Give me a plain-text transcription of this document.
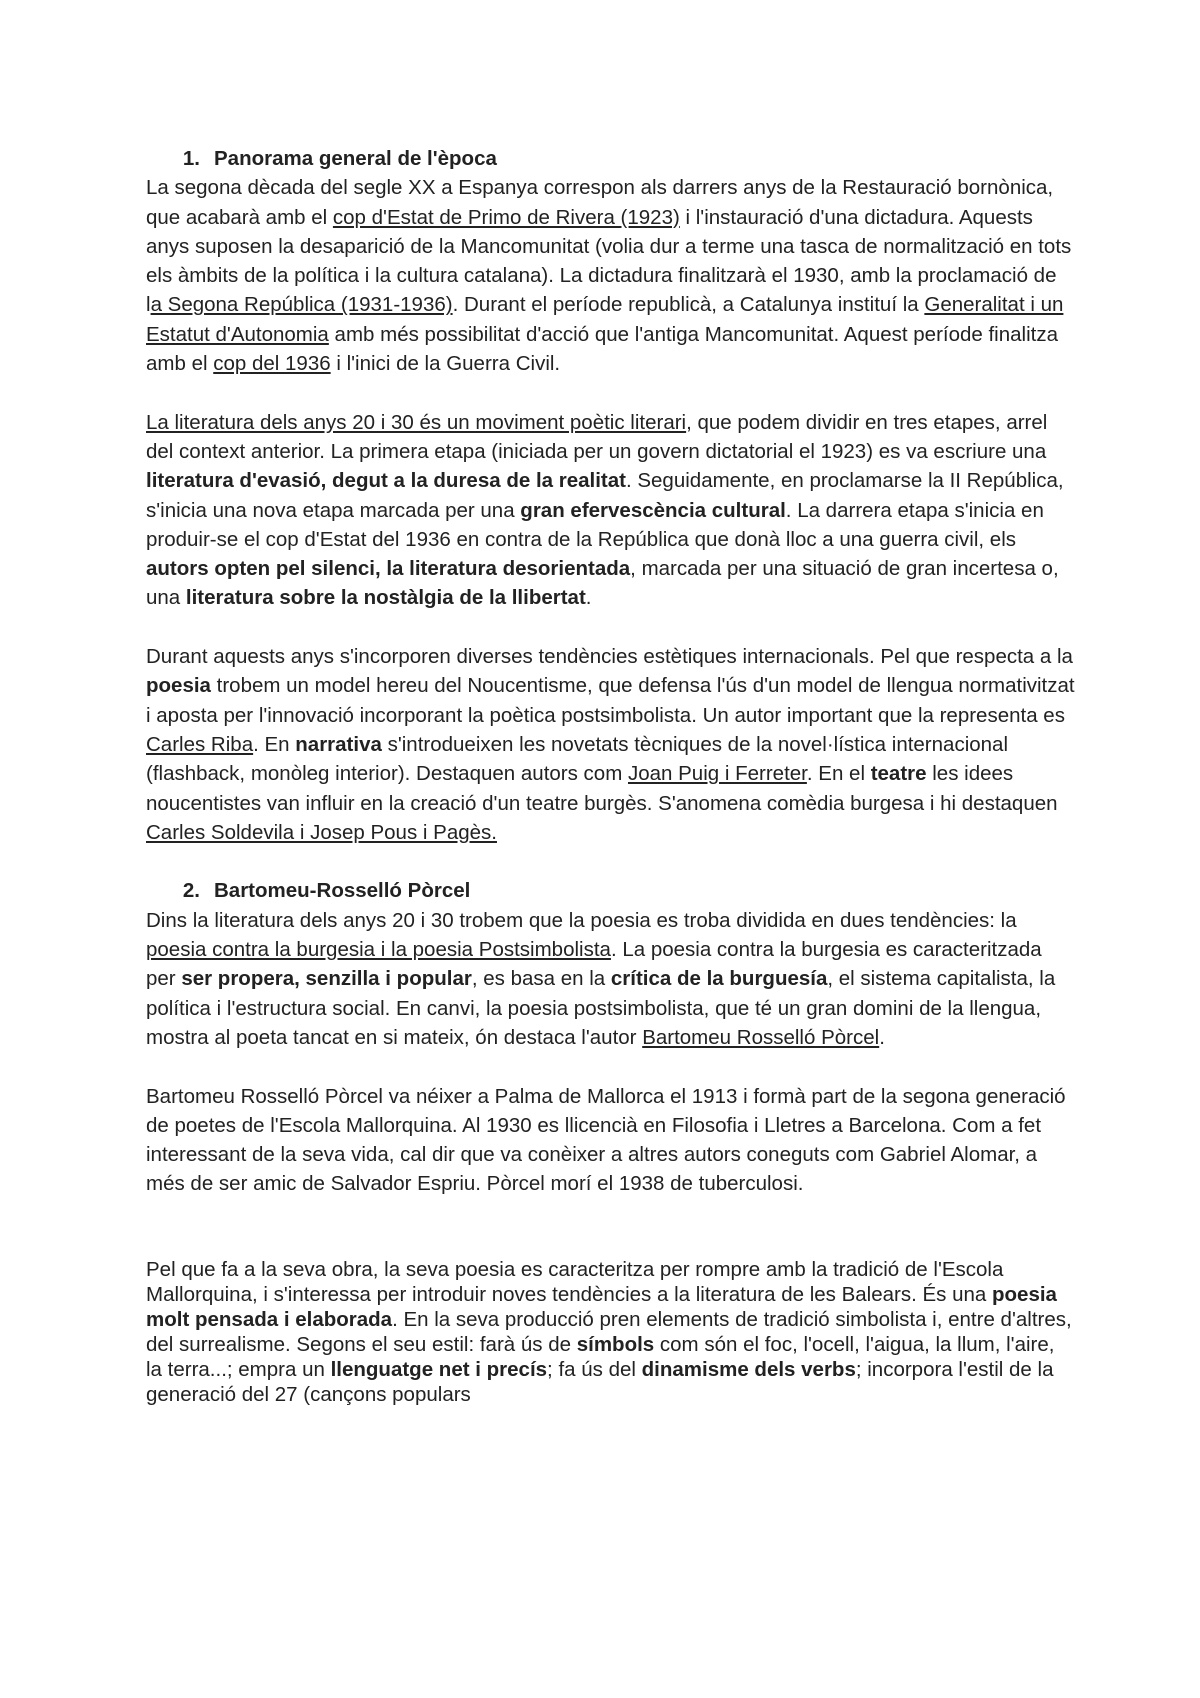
1. Panorama general de l'època

La segona dècada del segle XX a Espanya correspon als darrers anys de la Restauració bornònica, que acabarà amb el cop d'Estat de Primo de Rivera (1923) i l'instauració d'una dictadura. Aquests anys suposen la desaparició de la Mancomunitat (volia dur a terme una tasca de normalització en tots els àmbits de la política i la cultura catalana). La dictadura finalitzarà el 1930, amb la proclamació de la Segona República (1931-1936). Durant el període republicà, a Catalunya instituí la Generalitat i un Estatut d'Autonomia amb més possibilitat d'acció que l'antiga Mancomunitat. Aquest període finalitza amb el cop del 1936 i l'inici de la Guerra Civil.

La literatura dels anys 20 i 30 és un moviment poètic literari, que podem dividir en tres etapes, arrel del context anterior. La primera etapa (iniciada per un govern dictatorial el 1923) es va escriure una literatura d'evasió, degut a la duresa de la realitat. Seguidamente, en proclamarse la II República, s'inicia una nova etapa marcada per una gran efervescència cultural. La darrera etapa s'inicia en produir-se el cop d'Estat del 1936 en contra de la República que donà lloc a una guerra civil, els autors opten pel silenci, la literatura desorientada, marcada per una situació de gran incertesa o, una literatura sobre la nostàlgia de la llibertat.

Durant aquests anys s'incorporen diverses tendències estètiques internacionals. Pel que respecta a la poesia trobem un model hereu del Noucentisme, que defensa l'ús d'un model de llengua normativitzat i aposta per l'innovació incorporant la poètica postsimbolista. Un autor important que la representa es Carles Riba. En narrativa s'introdueixen les novetats tècniques de la novel·lística internacional (flashback, monòleg interior). Destaquen autors com Joan Puig i Ferreter. En el teatre les idees noucentistes van influir en la creació d'un teatre burgès. S'anomena comèdia burgesa i hi destaquen Carles Soldevila i Josep Pous i Pagès.

2. Bartomeu-Rosselló Pòrcel

Dins la literatura dels anys 20 i 30 trobem que la poesia es troba dividida en dues tendències: la poesia contra la burgesia i la poesia Postsimbolista. La poesia contra la burgesia es caracteritzada per ser propera, senzilla i popular, es basa en la crítica de la burguesía, el sistema capitalista, la política i l'estructura social. En canvi, la poesia postsimbolista, que té un gran domini de la llengua, mostra al poeta tancat en si mateix, ón destaca l'autor Bartomeu Rosselló Pòrcel.

Bartomeu Rosselló Pòrcel va néixer a Palma de Mallorca el 1913 i formà part de la segona generació de poetes de l'Escola Mallorquina. Al 1930 es llicencià en Filosofia i Lletres a Barcelona. Com a fet interessant de la seva vida, cal dir que va conèixer a altres autors coneguts com Gabriel Alomar, a més de ser amic de Salvador Espriu. Pòrcel morí el 1938 de tuberculosi.

Pel que fa a la seva obra, la seva poesia es caracteritza per rompre amb la tradició de l'Escola Mallorquina, i s'interessa per introduir noves tendències a la literatura de les Balears. És una poesia molt pensada i elaborada. En la seva producció pren elements de tradició simbolista i, entre d'altres, del surrealisme. Segons el seu estil: farà ús de símbols com són el foc, l'ocell, l'aigua, la llum, l'aire, la terra...; empra un llenguatge net i precís; fa ús del dinamisme dels verbs; incorpora l'estil de la generació del 27 (cançons populars
